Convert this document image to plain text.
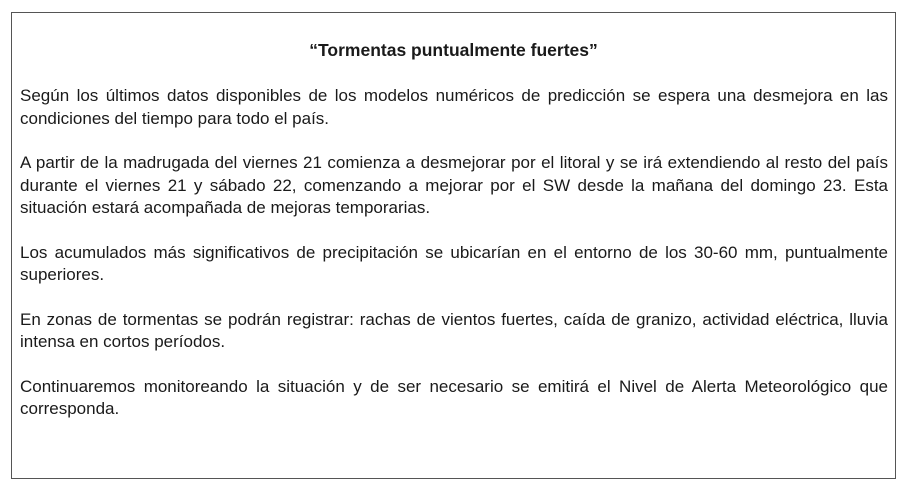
“Tormentas puntualmente fuertes”

Según los últimos datos disponibles de los modelos numéricos de predicción se espera una desmejora en las condiciones del tiempo para todo el país.

A partir de la madrugada del viernes 21 comienza a desmejorar por el litoral y se irá extendiendo al resto del país durante el viernes 21 y sábado 22, comenzando a mejorar por el SW desde la mañana del domingo 23. Esta situación estará acompañada de mejoras temporarias.

Los acumulados más significativos de precipitación se ubicarían en el entorno de los 30-60 mm, puntualmente superiores.

En zonas de tormentas se podrán registrar: rachas de vientos fuertes, caída de granizo, actividad eléctrica, lluvia intensa en cortos períodos.

Continuaremos monitoreando la situación y de ser necesario se emitirá el Nivel de Alerta Meteorológico que corresponda.
